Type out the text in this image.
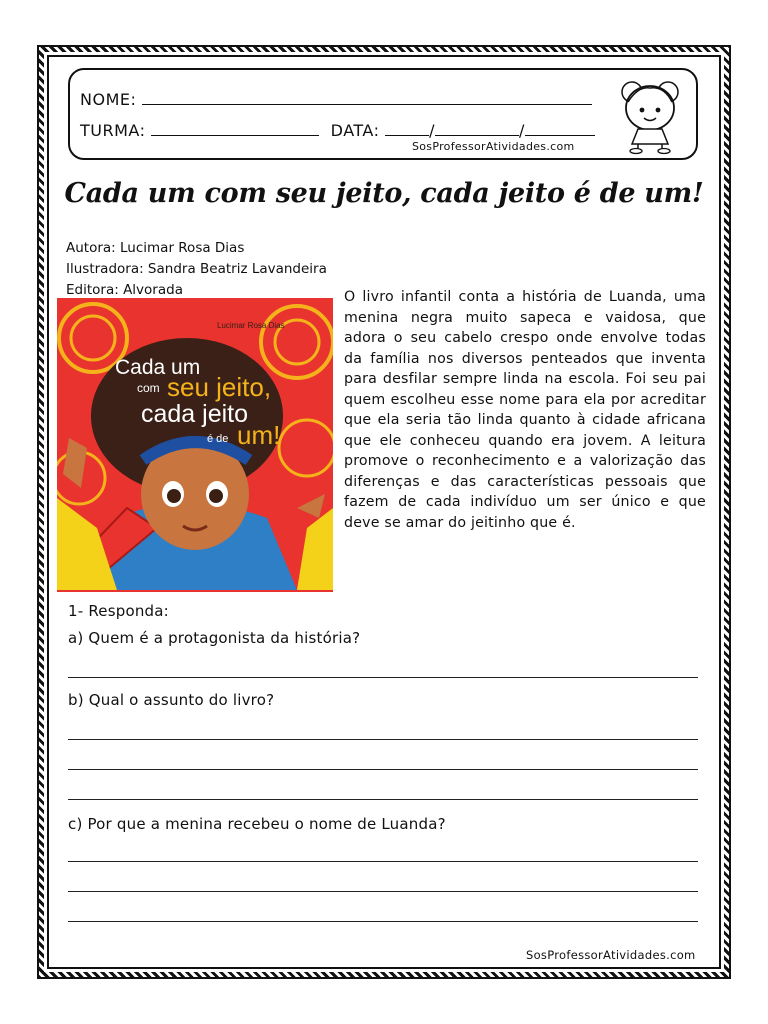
NOME:
TURMA:	DATA:	/	/
SosProfessorAtividades.com
Cada um com seu jeito, cada jeito é de um!
Autora: Lucimar Rosa Dias
Ilustradora: Sandra Beatriz Lavandeira
Editora: Alvorada
Lucimar Rosa Dias
Cada um
com seu jeito,
cada jeito
é de um!
O livro infantil conta a história de Luanda, uma menina negra muito sapeca e vaidosa, que adora o seu cabelo crespo onde envolve todas da família nos diversos penteados que inventa para desfilar sempre linda na escola. Foi seu pai quem escolheu esse nome para ela por acreditar que ela seria tão linda quanto à cidade africana que ele conheceu quando era jovem. A leitura promove o reconhecimento e a valorização das diferenças e das características pessoais que fazem de cada indivíduo um ser único e que deve se amar do jeitinho que é.
1- Responda:
a) Quem é a protagonista da história?
b) Qual o assunto do livro?
c) Por que a menina recebeu o nome de Luanda?
SosProfessorAtividades.com
